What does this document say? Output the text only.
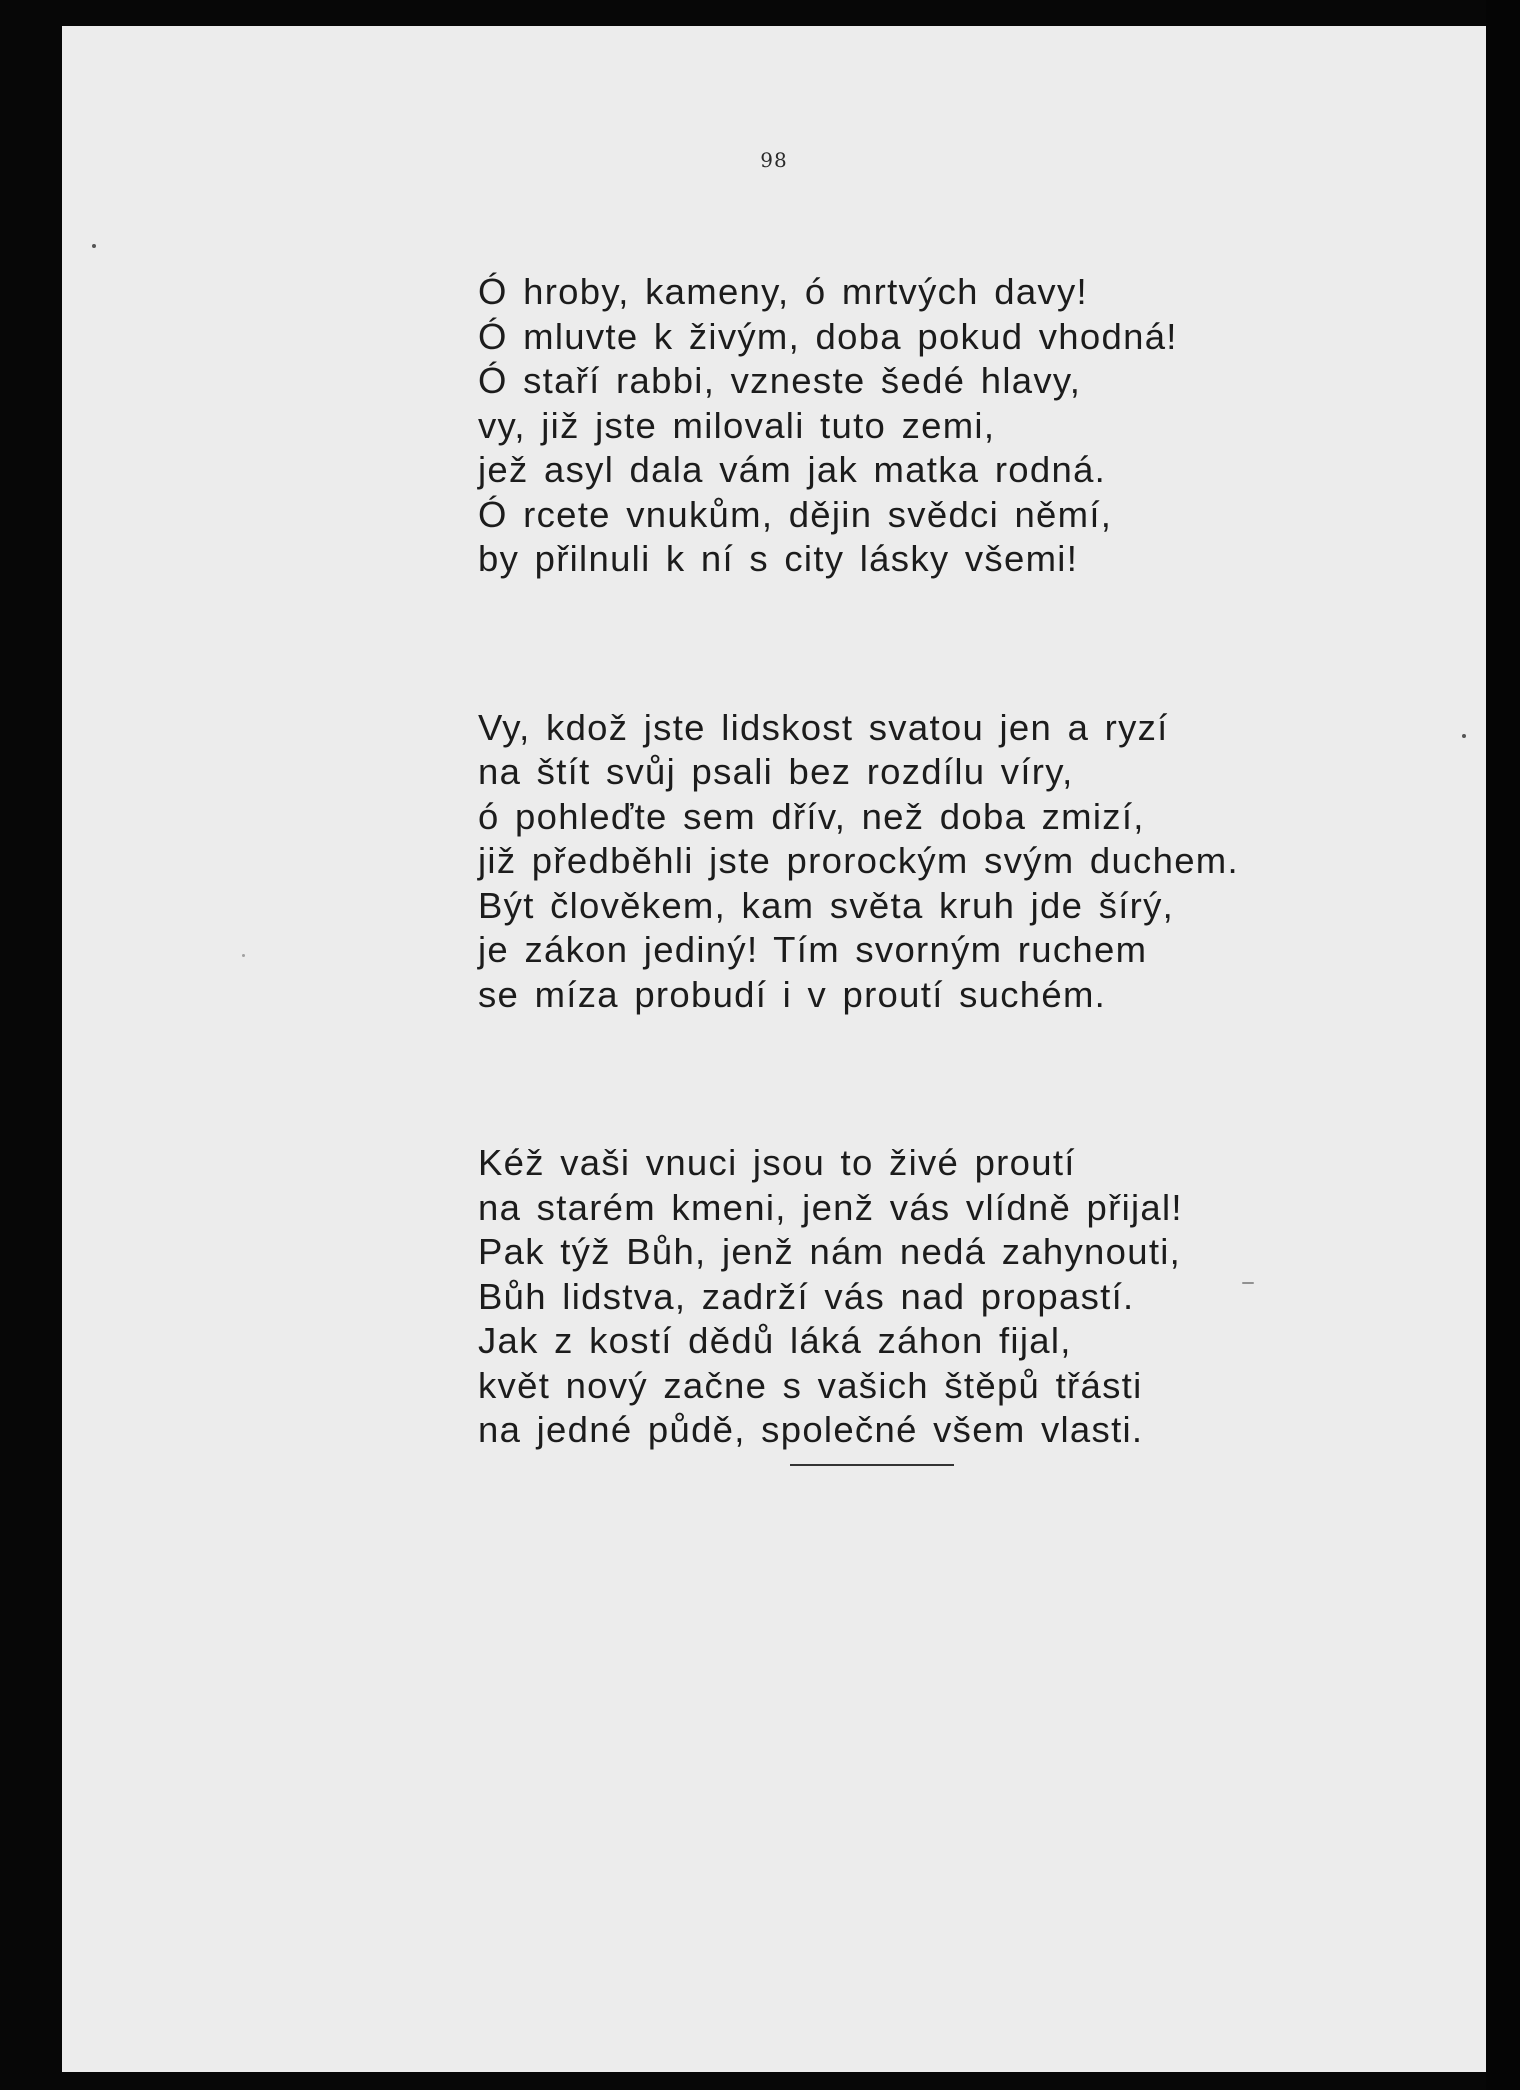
98
Ó hroby, kameny, ó mrtvých davy!
Ó mluvte k živým, doba pokud vhodná!
Ó staří rabbi, vzneste šedé hlavy,
vy, již jste milovali tuto zemi,
jež asyl dala vám jak matka rodná.
Ó rcete vnukům, dějin svědci němí,
by přilnuli k ní s city lásky všemi!
Vy, kdož jste lidskost svatou jen a ryzí
na štít svůj psali bez rozdílu víry,
ó pohleďte sem dřív, než doba zmizí,
již předběhli jste prorockým svým duchem.
Být člověkem, kam světa kruh jde šírý,
je zákon jediný! Tím svorným ruchem
se míza probudí i v proutí suchém.
Kéž vaši vnuci jsou to živé proutí
na starém kmeni, jenž vás vlídně přijal!
Pak týž Bůh, jenž nám nedá zahynouti,
Bůh lidstva, zadrží vás nad propastí.
Jak z kostí dědů láká záhon fijal,
květ nový začne s vašich štěpů třásti
na jedné půdě, společné všem vlasti.
